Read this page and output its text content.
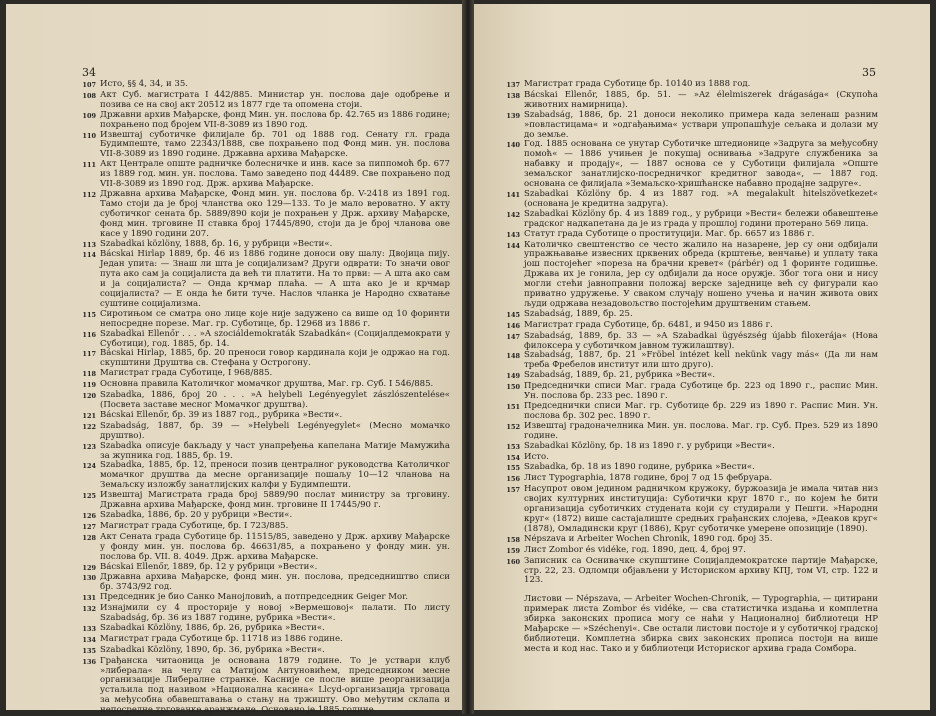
34
107 Исто, §§ 4, 34, и 35.
108 Акт Суб. магистрата I 442/885. Министар ун. послова даје одобрење и позива се на свој акт 20512 из 1877 где та опомена стоји.
109 Државни архив Мађарске, фонд Мин. ун. послова бр. 42.765 из 1886 године; похрањено под бројем VII-8-3089 из 1890 год.
110 Извештај суботичке филијале бр. 701 од 1888 год. Сенату гл. града Будимпеште, тамо 22343/1888, све похрањено под Фонд мин. ун. послова VII-8-3089 из 1890 године. Државна архива Мађарске.
111 Акт Централе опште радничке болесничке и инв. касе за пиппомоћ бр. 677 из 1889 год. мин. ун. послова. Тамо заведено под 44489. Све похрањено под VII-8-3089 из 1890 год. Држ. архива Мађарске.
112 Државна архива Мађарске, Фонд мин. ун. послова бр. V-2418 из 1891 год. Тамо стоји да је број чланства око 129—133. То је мало вероватно. У акту суботичког сената бр. 5889/890 који је похрањен у Држ. архиву Мађарске, фонд мин. трговине II ставка број 17445/890, стоји да је број чланова ове касе у 1890 години 207.
113 Szabadkai közlöny, 1888, бр. 16, у рубрици »Вести«.
114 Bácskai Hirlap 1889, бр. 46 из 1886 године доноси ову шалу: Двојица пију. Један упита: — Знаш ли шта је социјализам? Други одврати: То значи овог пута ако сам ја социјалиста да већ ти платити. На то први: — А шта ако сам и ја социјалиста? — Онда крчмар плаћа. — А шта ако је и крчмар социјалиста? — Е онда ће бити туче. Наслов чланка је Народно схватање суштине социјализма.
115 Сиротињом се сматра оно лице које није задужено са више од 10 форинти непосредне порезе. Маг. гр. Суботице, бр. 12968 из 1886 г.
116 Szabadkai Ellenőr . . . »A szociáldemokraták Szabadkán« (Социјалдемократи у Суботици), год. 1885, бр. 14.
117 Bácskai Hirlap, 1885, бр. 20 преноси говор кардинала који је одржао на год. скупштини Друштва св. Стефана у Острогону.
118 Магистрат града Суботице, I 968/885.
119 Основна правила Католичког момачког друштва, Маг. гр. Суб. I 546/885.
120 Szabadka, 1886, број 20 . . . »A helybeli Legényegylet zászlószentelése« (Посвета заставе месног Момачког друштва).
121 Bácskai Ellenőr, бр. 39 из 1887 год., рубрика »Вести«.
122 Szabadság, 1887, бр. 39 — »Helybeli Legényegylet« (Месно момачко друштво).
123 Szabadka описује бакљаду у част унапређења капелана Матије Мамужића за жупника год. 1885, бр. 19.
124 Szabadka, 1885, бр. 12, преноси позив централног руководства Католичког момачког друштва да месне организације пошаљу 10—12 чланова на Земаљску изложбу занатлијских калфи у Будимпешти.
125 Извештај Магистрата града број 5889/90 послат министру за трговину. Државна архива Мађарске, фонд мин. трговине II 17445/90 г.
126 Szabadka, 1886, бр. 20 у рубрици »Вести«.
127 Магистрат града Суботице, бр. I 723/885.
128 Акт Сената града Суботице бр. 11515/85, заведено у Држ. архиву Мађарске у фонду мин. ун. послова бр. 46631/85, а похрањено у фонду мин. ун. послова бр. VII. 8. 4049. Држ. архива Мађарске.
129 Bácskai Ellenőr, 1889, бр. 12 у рубрици »Вести«.
130 Државна архива Мађарске, фонд мин. ун. послова, председништво списи бр. 3743/92 год.
131 Председник је био Санко Манојловић, а потпредседник Geiger Mor.
132 Изнајмили су 4 просторије у новој »Вермешовој« палати. По листу Szabadság, бр. 36 из 1887 године, рубрика »Вести«.
133 Szabadkai Közlöny, 1886, бр. 26, рубрика »Вести«.
134 Магистрат града Суботице бр. 11718 из 1886 године.
135 Szabadkai Közlöny, 1890, бр. 36, рубрика »Вести«.
136 Грађанска читаоница је основана 1879 године. То је уствари клуб »либерала« на челу са Матијом Антуновићем, председником месне организације Либералне странке. Касније се после више реорганизација устаљила под називом »Национална касина« Llcyd-организација трговаца за међусобна обавештавања о стању на тржишту. Ово међутим склапа и непосредне трговачке аранжмане. Основано је 1885 године.
35
137 Магистрат града Суботице бр. 10140 из 1888 год.
138 Bácskai Ellenőr, 1885, бр. 51. — »Az élelmiszerek drágasága« (Скупоћа животних намирница).
139 Szabadság, 1886, бр. 21 доноси неколико примера када зеленаш разним »повластицама« и »одгађањима« уствари упропашћује сељака и долази му до земље.
140 Год. 1885 основана се унутар Суботичке штедионице »Задруга за међусобну помоћ« — 1886 учињен је покушај оснивања »Задруге службеника за набавку и продају«, — 1887 основа се у Суботици филијала »Опште земаљског занатлијско-посредничког кредитног завода«, — 1887 год. основана се филијала »Земаљско-хришћанске набавно продајне задруге«.
141 Szabadkai Közlöny бр. 4 из 1887 год. »A megalakult hitelszövetkezet« (основана је кредитна задруга).
142 Szabadkai Közlöny бр. 4 из 1889 год., у рубрици »Вести« бележи обавештење градског надкапетана да је из града у прошлој години протерано 569 лица.
143 Статут града Суботице о проституцији. Маг. бр. 6657 из 1886 г.
144 Католичко свештенство се често жалило на назарене, јер су они одбијали упражњавање извесних црквених обреда (крштење, венчање) и уплату така још постојећег »пореза на брачни кревет« (párbér) од 1 форинте годишње. Држава их је гонила, јер су одбијали да носе оружје. Због тога они и нису могли стећи јавноправни положај верске заједнице већ су фигурали као приватно удружење. У сваком случају ношено учења и начин живота ових људи одржава незадовољство постојећим друштвеним стањем.
145 Szabadság, 1889, бр. 25.
146 Магистрат града Суботице, бр. 6481, и 9450 из 1886 г.
147 Szabadság, 1889, бр. 33 — »A Szabadkai ügyészség újabb filoxerája« (Нова филоксера у суботичком јавном тужилаштву).
148 Szabadság, 1887, бр. 21 »Fröbel intézet kell nekünk vagy más« (Да ли нам треба Фребелов институт или што друго).
149 Szabadság, 1889, бр. 21, рубрика »Вести«.
150 Председнички списи Маг. града Суботице бр. 223 од 1890 г., распис Мин. Ун. послова бр. 233 рес. 1890 г.
151 Председнички списи Маг. гр. Суботице бр. 229 из 1890 г. Распис Мин. Ун. послова бр. 302 рес. 1890 г.
152 Извештај градоначелника Мин. ун. послова. Маг. гр. Суб. През. 529 из 1890 године.
153 Szabadkai Közlöny, бр. 18 из 1890 г. у рубрици »Вести«.
154 Исто.
155 Szabadka, бр. 18 из 1890 године, рубрика »Вести«.
156 Лист Typographia, 1878 године, број 7 од 15 фебруара.
157 Насупрот овом једином радничком кружоку, буржоазија је имала читав низ својих културних институција: Суботички круг 1870 г., по којем ће бити организација суботичких студената који су студирали у Пешти. »Народни круг« (1872) више састајалиште средњих грађанских слојева, »Деаков круг« (1878), Омладински круг (1886), Круг суботичке умерене опозиције (1890).
158 Népszava и Arbeiter Wochen Chronik, 1890 год. број 35.
159 Лист Zombor és vidéke, год. 1890, дец. 4, број 97.
160 Записник са Оснивачке скупштине Социјалдемократске партије Мађарске, стр. 22, 23. Одломци објављени у Историском архиву КПЈ, том VI, стр. 122 и 123.
Листови — Népszava, — Arbeiter Wochen-Chronik, — Typographia, — цитирани примерак листа Zombor és vidéke, — сва статистичка издања и комплетна збирка законских прописа могу се наћи у Националној библиотеци НР Мађарске — »Széchenyi«. Све остали листови постоје и у суботичкој градској библиотеци. Комплетна збирка свих законских прописа постоји на више места и код нас. Тако и у библиотеци Историског архива града Сомбора.
